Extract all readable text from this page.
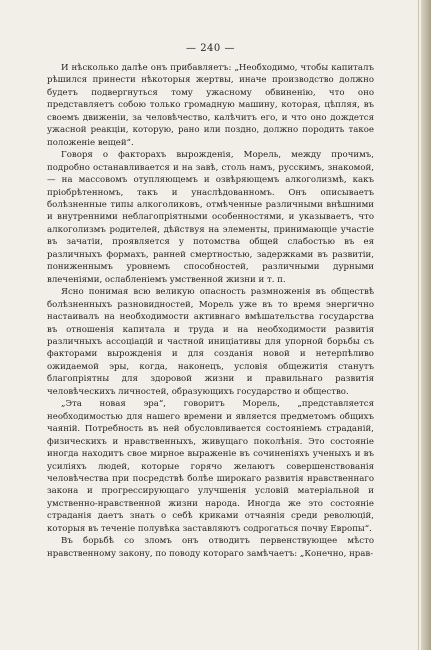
— 240 —

И нѣсколько далѣе онъ прибавляетъ: „Необходимо, чтобы капиталъ рѣшился принести нѣкоторыя жертвы, иначе производство должно будетъ подвергнуться тому ужасному обвиненію, что оно представляетъ собою только громадную машину, которая, цѣпляя, въ своемъ движеніи, за человѣчество, калѣчитъ его, и что оно дождется ужасной реакціи, которую, рано или поздно, должно породить такое положеніе вещей“.

Говоря о факторахъ вырожденія, Морель, между прочимъ, подробно останавливается и на завѣ, столь намъ, русскимъ, знакомой,— на массовомъ отупляющемъ и озвѣряющемъ алкоголизмѣ, какъ пріобрѣтенномъ, такъ и унаслѣдованномъ. Онъ описываетъ болѣзненные типы алкоголиковъ, отмѣченные различными внѣшними и внутренними неблагопріятными особенностями, и указываетъ, что алкоголизмъ родителей, дѣйствуя на элементы, принимающіе участіе въ зачатіи, проявляется у потомства общей слабостью въ ея различныхъ формахъ, ранней смертностью, задержками въ развитіи, пониженнымъ уровнемъ способностей, различными дурными влеченіями, ослабленіемъ умственной жизни и т. п.

Ясно понимая всю великую опасность размноженія въ обществѣ болѣзненныхъ разновидностей, Морель уже въ то время энергично настаивалъ на необходимости активнаго вмѣшательства государства въ отношенія капитала и труда и на необходимости развитія различныхъ ассоціацій и частной иниціативы для упорной борьбы съ факторами вырожденія и для созданія новой и нетерпѣливо ожидаемой эры, когда, наконецъ, условія общежитія станутъ благопріятны для здоровой жизни и правильнаго развитія человѣческихъ личностей, образующихъ государство и общество.

„Эта новая эра“, говоритъ Морель, „представляется необходимостью для нашего времени и является предметомъ общихъ чаяній. Потребность въ ней обусловливается состояніемъ страданій, физическихъ и нравственныхъ, живущаго поколѣнія. Это состояніе иногда находитъ свое мирное выраженіе въ сочиненіяхъ ученыхъ и въ усиліяхъ людей, которые горячо желаютъ совершенствованія человѣчества при посредствѣ болѣе широкаго развитія нравственнаго закона и прогрессирующаго улучшенія условій матеріальной и умственно-нравственной жизни народа. Иногда же это состояніе страданія даетъ знать о себѣ криками отчаянія среди революцій, которыя въ теченіе полувѣка заставляютъ содрогаться почву Европы“.

Въ борьбѣ со зломъ онъ отводитъ первенствующее мѣсто нравственному закону, по поводу котораго замѣчаетъ: „Конечно, нрав-
